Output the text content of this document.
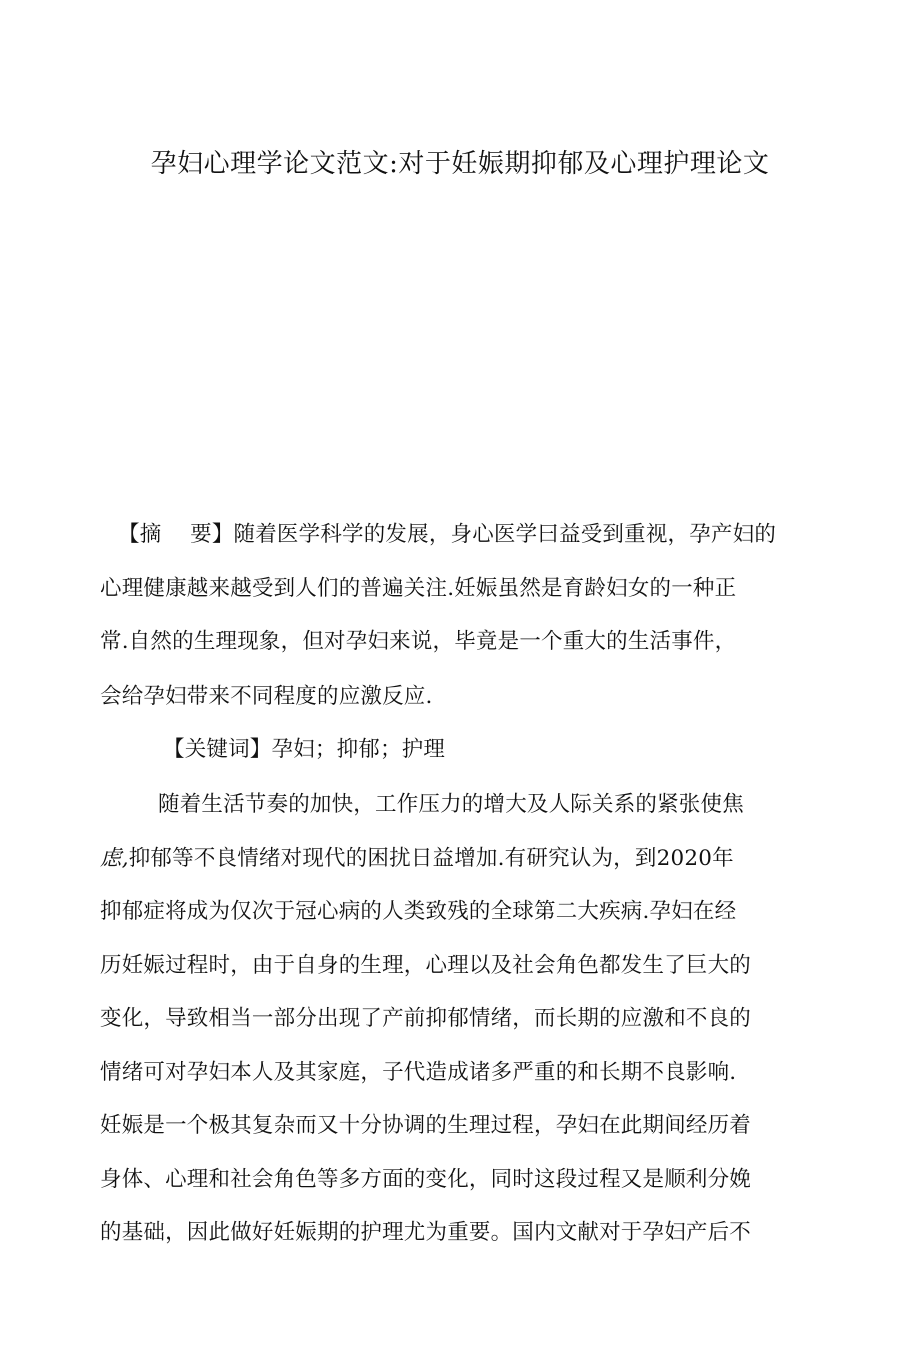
孕妇心理学论文范文:对于妊娠期抑郁及心理护理论文
【摘　 要】随着医学科学的发展，身心医学曰益受到重视，孕产妇的
心理健康越来越受到人们的普遍关注.妊娠虽然是育龄妇女的一种正
常.自然的生理现象，但对孕妇来说，毕竟是一个重大的生活事件，
会给孕妇带来不同程度的应激反应.
【关键词】孕妇；抑郁；护理
随着生活节奏的加快，工作压力的增大及人际关系的紧张使焦
虑,抑郁等不良情绪对现代的困扰日益增加.有研究认为，到2020年
抑郁症将成为仅次于冠心病的人类致残的全球第二大疾病.孕妇在经
历妊娠过程时，由于自身的生理，心理以及社会角色都发生了巨大的
变化，导致相当一部分出现了产前抑郁情绪，而长期的应激和不良的
情绪可对孕妇本人及其家庭，子代造成诸多严重的和长期不良影响.
妊娠是一个极其复杂而又十分协调的生理过程，孕妇在此期间经历着
身体、心理和社会角色等多方面的变化，同时这段过程又是顺利分娩
的基础，因此做好妊娠期的护理尤为重要。国内文献对于孕妇产后不
